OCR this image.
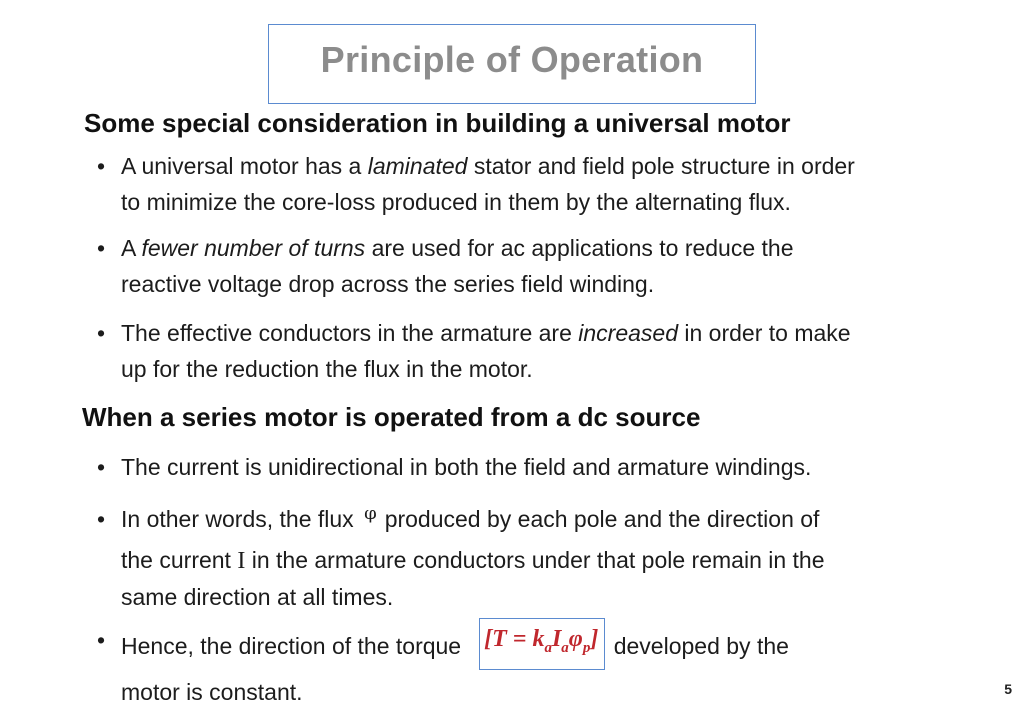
Principle of Operation
Some special consideration in building a universal motor
• A universal motor has a laminated stator and field pole structure in order
to minimize the core-loss produced in them by the alternating flux.
• A fewer number of turns are used for ac applications to reduce the
reactive voltage drop across the series field winding.
• The effective conductors in the armature are increased in order to make
up for the reduction the flux in the motor.
When a series motor is operated from a dc source
• The current is unidirectional in both the field and armature windings.
• In other words, the flux $^\varphi$ produced by each pole and the direction of
the current I in the armature conductors under that pole remain in the
same direction at all times.
• Hence, the direction of the torque $[T = k_aI_a\varphi_p]$ developed by the
motor is constant.	5
